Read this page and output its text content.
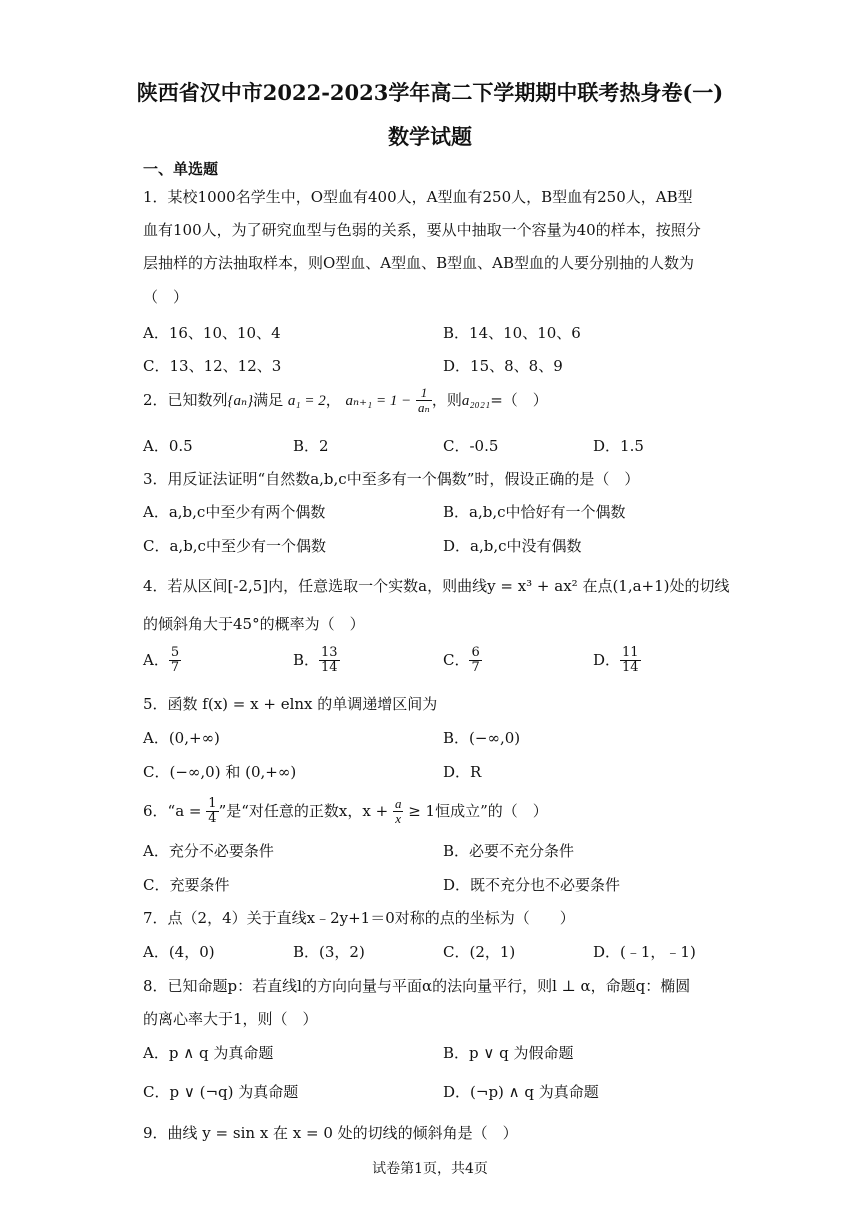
陕西省汉中市2022-2023学年高二下学期期中联考热身卷(一)
数学试题
一、单选题
1．某校1000名学生中，O型血有400人，A型血有250人，B型血有250人，AB型
血有100人，为了研究血型与色弱的关系，要从中抽取一个容量为40的样本，按照分
层抽样的方法抽取样本，则O型血、A型血、B型血、AB型血的人要分别抽的人数为
（　）
A．16、10、10、4	B．14、10、10、6
C．13、12、12、3	D．15、8、8、9
2．已知数列{aₙ}满足 a₁ = 2， $a_{n+1} = 1 - \frac{1}{\text{aₙ}}$ ，则a₂₀₂₁=（　）
A．0.5	B．2	C．-0.5	D．1.5
3．用反证法证明“自然数a,b,c中至多有一个偶数”时，假设正确的是（　）
A．a,b,c中至少有两个偶数	B．a,b,c中恰好有一个偶数
C．a,b,c中至少有一个偶数	D．a,b,c中没有偶数
4．若从区间[-2,5]内，任意选取一个实数a，则曲线y = x³ + ax² 在点(1,a+1)处的切线
的倾斜角大于45°的概率为（　）
A． $\frac{5}{7}$	B． $\frac{13}{14}$	C． $\frac{6}{7}$	D． $\frac{11}{14}$
5．函数 f(x) = x + elnx 的单调递增区间为
A．(0,+∞)	B．(−∞,0)
C．(−∞,0) 和 (0,+∞)	D．R
6．“$a = \frac{1}{4}$ ”是“对任意的正数x，$x + \frac{a}{x} \ge 1$恒成立”的（　）
A．充分不必要条件	B．必要不充分条件
C．充要条件	D．既不充分也不必要条件
7．点（2，4）关于直线x﹣2y+1＝0对称的点的坐标为（　　）
A．(4，0)	B．(3，2)	C．(2，1)	D．(﹣1，﹣1)
8．已知命题p：若直线l的方向向量与平面α的法向量平行，则l ⊥ α，命题q：椭圆
的离心率大于1，则（　）
A．p ∧ q 为真命题	B．p ∨ q 为假命题
C．p ∨ (¬q) 为真命题	D．(¬p) ∧ q 为真命题
9．曲线 y = sin x 在 x = 0 处的切线的倾斜角是（　）
试卷第1页，共4页
